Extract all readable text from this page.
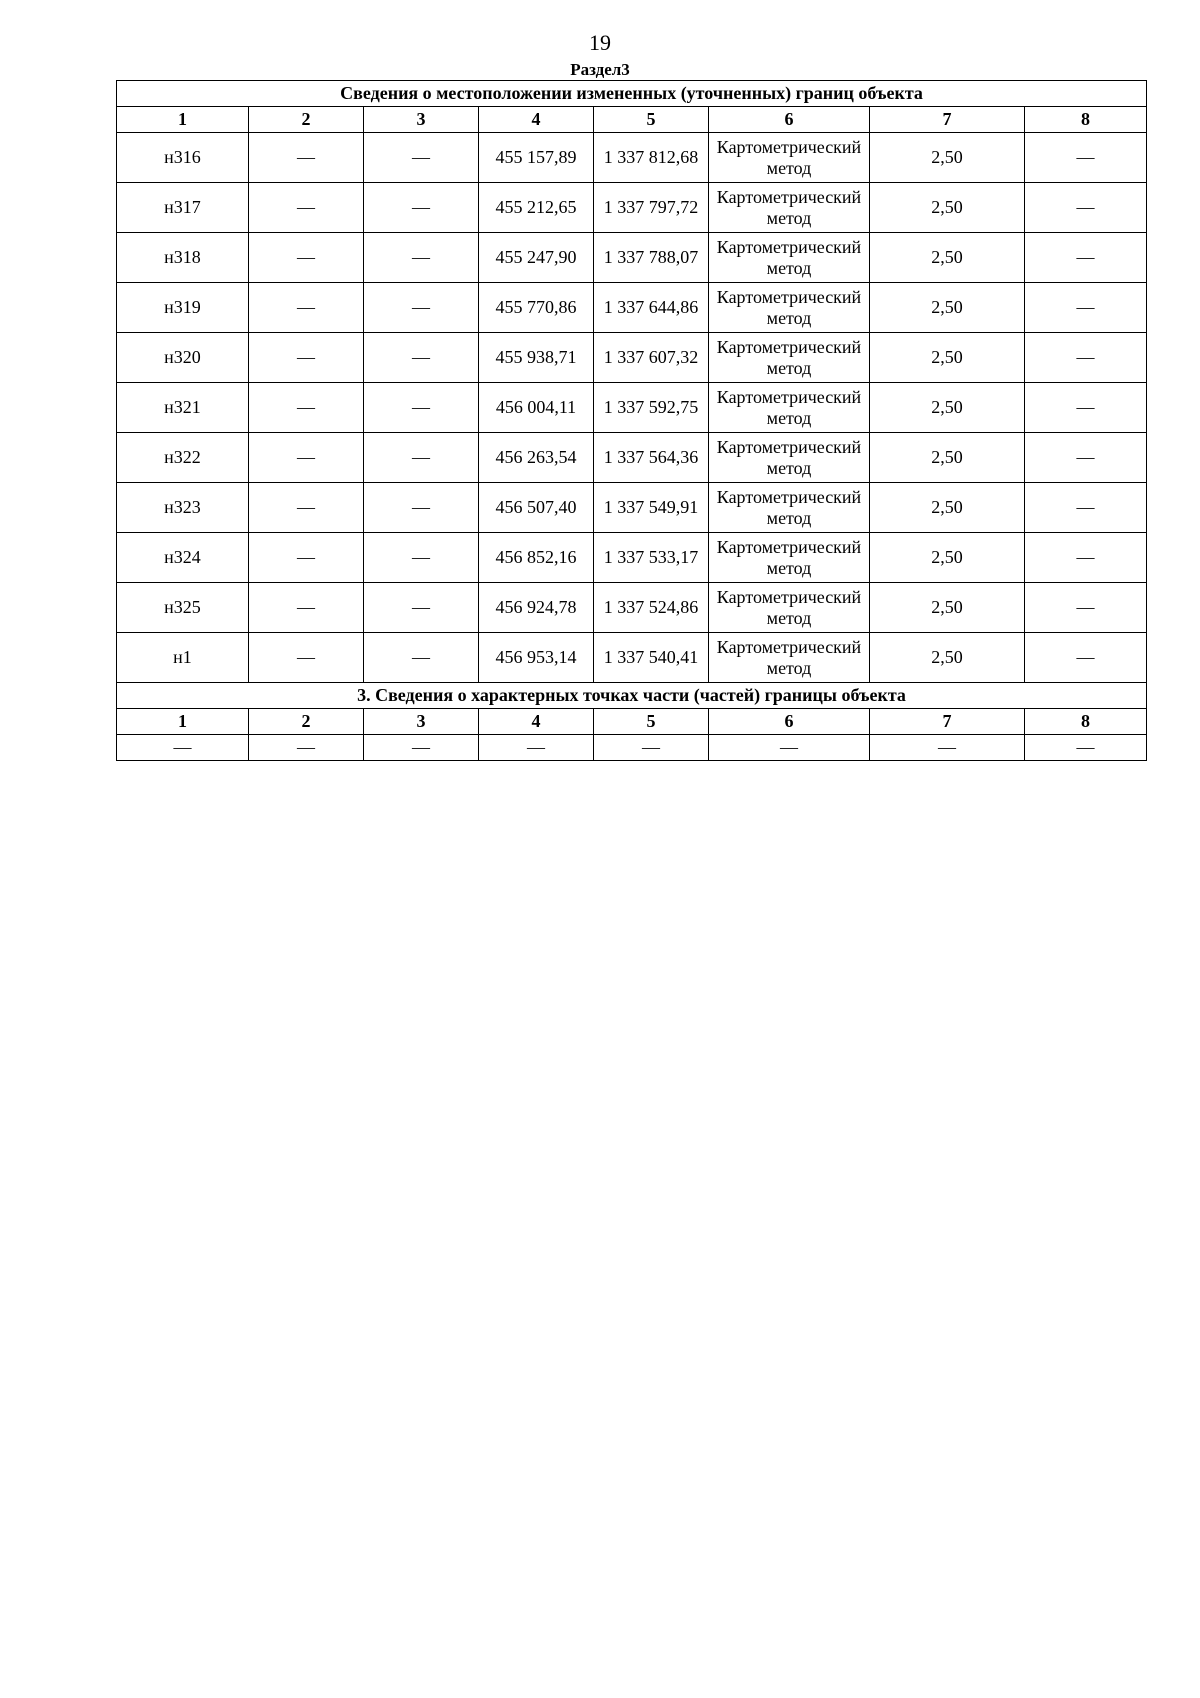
19
Раздел3
Сведения о местоположении измененных (уточненных) границ объекта							
1	2	3	4	5	6	7	8
н316	—	—	455 157,89	1 337 812,68	Картометрический метод	2,50	—
н317	—	—	455 212,65	1 337 797,72	Картометрический метод	2,50	—
н318	—	—	455 247,90	1 337 788,07	Картометрический метод	2,50	—
н319	—	—	455 770,86	1 337 644,86	Картометрический метод	2,50	—
н320	—	—	455 938,71	1 337 607,32	Картометрический метод	2,50	—
н321	—	—	456 004,11	1 337 592,75	Картометрический метод	2,50	—
н322	—	—	456 263,54	1 337 564,36	Картометрический метод	2,50	—
н323	—	—	456 507,40	1 337 549,91	Картометрический метод	2,50	—
н324	—	—	456 852,16	1 337 533,17	Картометрический метод	2,50	—
н325	—	—	456 924,78	1 337 524,86	Картометрический метод	2,50	—
н1	—	—	456 953,14	1 337 540,41	Картометрический метод	2,50	—
3. Сведения о характерных точках части (частей) границы объекта							
1	2	3	4	5	6	7	8
—	—	—	—	—	—	—	—
